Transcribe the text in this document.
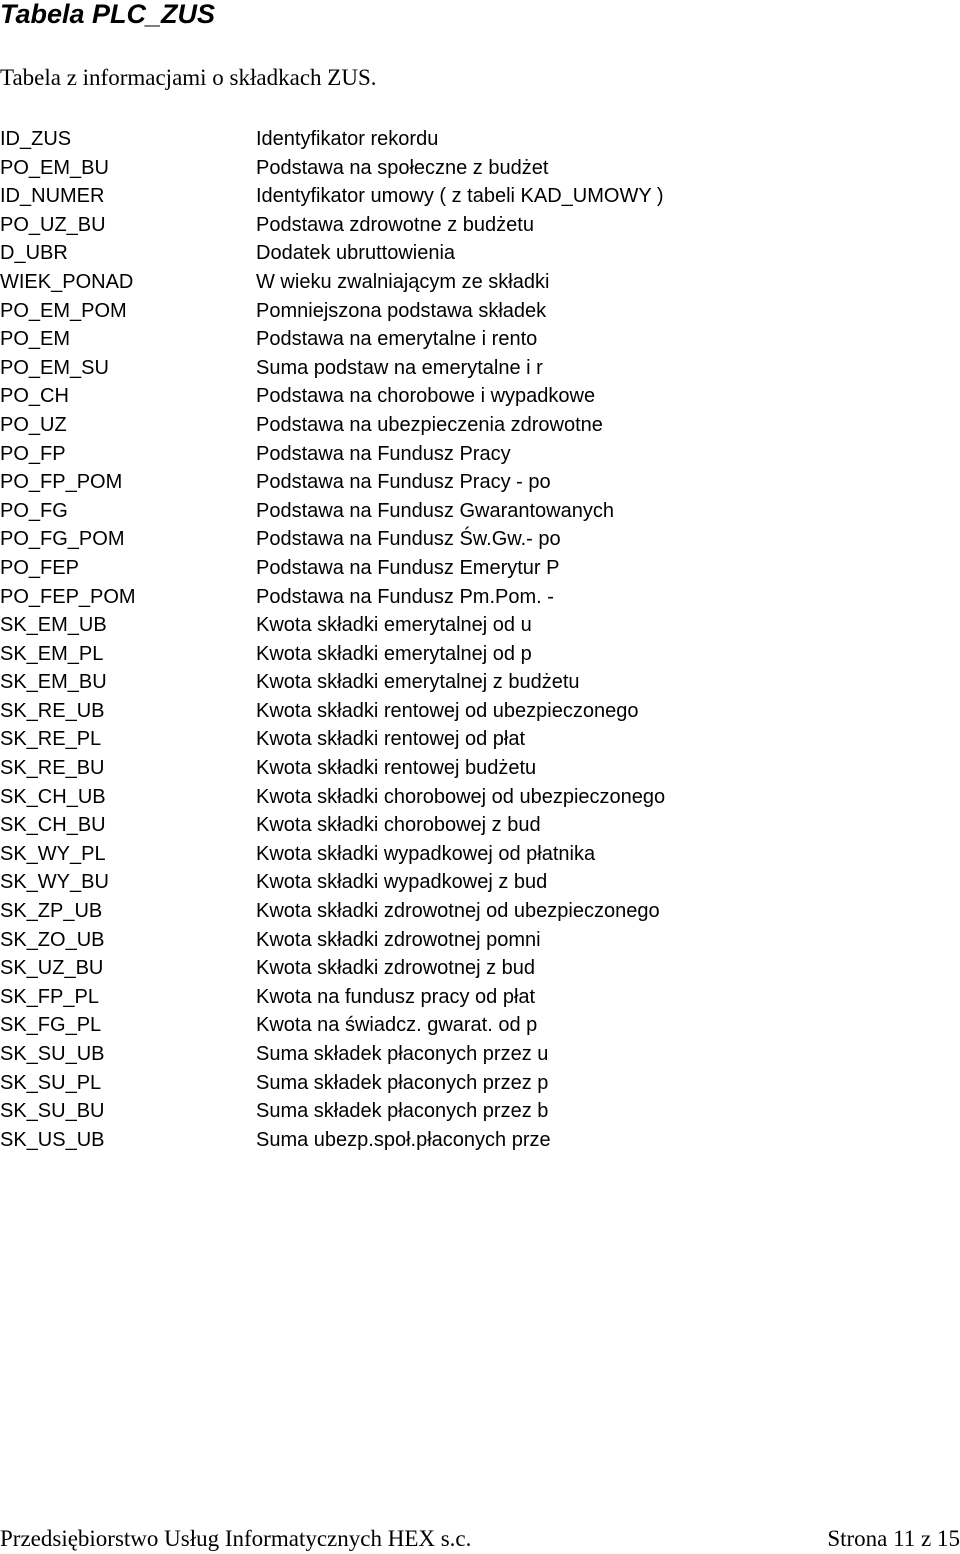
Tabela PLC_ZUS
Tabela z informacjami o składkach ZUS.
ID_ZUS	Identyfikator rekordu
PO_EM_BU	Podstawa na społeczne z budżet
ID_NUMER	Identyfikator umowy ( z tabeli KAD_UMOWY )
PO_UZ_BU	Podstawa zdrowotne z budżetu
D_UBR	Dodatek ubruttowienia
WIEK_PONAD	W wieku zwalniającym ze składki
PO_EM_POM	Pomniejszona podstawa składek
PO_EM	Podstawa na emerytalne i rento
PO_EM_SU	Suma podstaw na emerytalne i r
PO_CH	Podstawa na chorobowe i wypadkowe
PO_UZ	Podstawa na ubezpieczenia zdrowotne
PO_FP	Podstawa na Fundusz Pracy
PO_FP_POM	Podstawa na Fundusz Pracy - po
PO_FG	Podstawa na Fundusz Gwarantowanych
PO_FG_POM	Podstawa na Fundusz Św.Gw.- po
PO_FEP	Podstawa na Fundusz Emerytur P
PO_FEP_POM	Podstawa na Fundusz Pm.Pom. -
SK_EM_UB	Kwota składki emerytalnej od u
SK_EM_PL	Kwota składki emerytalnej od p
SK_EM_BU	Kwota składki emerytalnej z budżetu
SK_RE_UB	Kwota składki rentowej od ubezpieczonego
SK_RE_PL	Kwota składki rentowej od płat
SK_RE_BU	Kwota składki rentowej budżetu
SK_CH_UB	Kwota składki chorobowej od ubezpieczonego
SK_CH_BU	Kwota składki chorobowej z bud
SK_WY_PL	Kwota składki wypadkowej od płatnika
SK_WY_BU	Kwota składki wypadkowej z bud
SK_ZP_UB	Kwota składki zdrowotnej od ubezpieczonego
SK_ZO_UB	Kwota składki zdrowotnej pomni
SK_UZ_BU	Kwota składki zdrowotnej z bud
SK_FP_PL	Kwota na fundusz pracy od płat
SK_FG_PL	Kwota na świadcz. gwarat. od p
SK_SU_UB	Suma składek płaconych przez u
SK_SU_PL	Suma składek płaconych przez p
SK_SU_BU	Suma składek płaconych przez b
SK_US_UB	Suma ubezp.społ.płaconych prze
Przedsiębiorstwo Usług Informatycznych HEX s.c.	Strona 11 z 15
